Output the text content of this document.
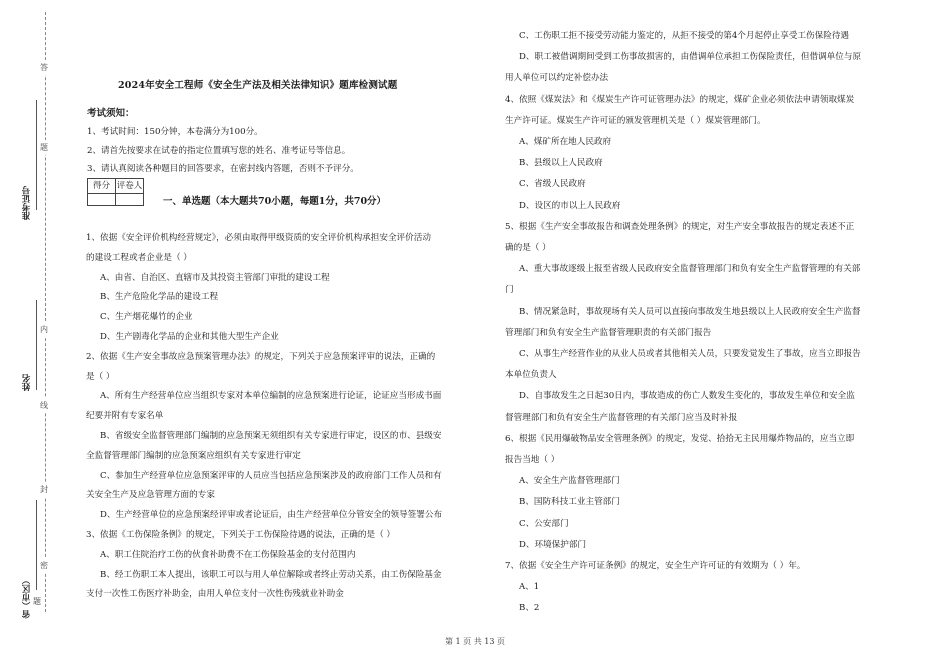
答
题
内
线
封
密
准考证号
姓名
省（市区） 题
2024年安全工程师《安全生产法及相关法律知识》题库检测试题
考试须知：
1、考试时间：150分钟，本卷满分为100分。
2、请首先按要求在试卷的指定位置填写您的姓名、准考证号等信息。
3、请认真阅读各种题目的回答要求，在密封线内答题，否则不予评分。
得分	评卷人

一、单选题（本大题共70小题，每题1分，共70分）
1、依据《安全评价机构经营规定》，必须由取得甲级资质的安全评价机构承担安全评价活动
的建设工程或者企业是（ ）
A、由省、自治区、直辖市及其投资主管部门审批的建设工程
B、生产危险化学品的建设工程
C、生产烟花爆竹的企业
D、生产剧毒化学品的企业和其他大型生产企业
2、依据《生产安全事故应急预案管理办法》的规定，下列关于应急预案评审的说法，正确的
是（ ）
A、所有生产经营单位应当组织专家对本单位编制的应急预案进行论证，论证应当形成书面
纪要并附有专家名单
B、省级安全监督管理部门编制的应急预案无须组织有关专家进行审定，设区的市、县级安
全监督管理部门编制的应急预案应组织有关专家进行审定
C、参加生产经营单位应急预案评审的人员应当包括应急预案涉及的政府部门工作人员和有
关安全生产及应急管理方面的专家
D、生产经营单位的应急预案经评审或者论证后，由生产经营单位分管安全的领导签署公布
3、依据《工伤保险条例》的规定，下列关于工伤保险待遇的说法，正确的是（ ）
A、职工住院治疗工伤的伙食补助费不在工伤保险基金的支付范围内
B、经工伤职工本人提出，该职工可以与用人单位解除或者终止劳动关系，由工伤保险基金
支付一次性工伤医疗补助金，由用人单位支付一次性伤残就业补助金
C、工伤职工拒不接受劳动能力鉴定的，从拒不接受的第4个月起停止享受工伤保险待遇
D、职工被借调期间受到工伤事故损害的，由借调单位承担工伤保险责任，但借调单位与原
用人单位可以约定补偿办法
4、依照《煤炭法》和《煤炭生产许可证管理办法》的规定，煤矿企业必须依法申请领取煤炭
生产许可证。煤炭生产许可证的颁发管理机关是（ ）煤炭管理部门。
A、煤矿所在地人民政府
B、县级以上人民政府
C、省级人民政府
D、设区的市以上人民政府
5、根据《生产安全事故报告和调查处理条例》的规定，对生产安全事故报告的规定表述不正
确的是（ ）
A、重大事故逐级上报至省级人民政府安全监督管理部门和负有安全生产监督管理的有关部
门
B、情况紧急时，事故现场有关人员可以直接向事故发生地县级以上人民政府安全生产监督
管理部门和负有安全生产监督管理职责的有关部门报告
C、从事生产经营作业的从业人员或者其他相关人员，只要发觉发生了事故，应当立即报告
本单位负责人
D、自事故发生之日起30日内，事故造成的伤亡人数发生变化的，事故发生单位和安全监
督管理部门和负有安全生产监督管理的有关部门应当及时补报
6、根据《民用爆破物品安全管理条例》的规定，发觉、拾拾无主民用爆炸物品的，应当立即
报告当地（ ）
A、安全生产监督管理部门
B、国防科技工业主管部门
C、公安部门
D、环境保护部门
7、依据《安全生产许可证条例》的规定，安全生产许可证的有效期为（ ）年。
A、1
B、2
第 1 页 共 13 页
